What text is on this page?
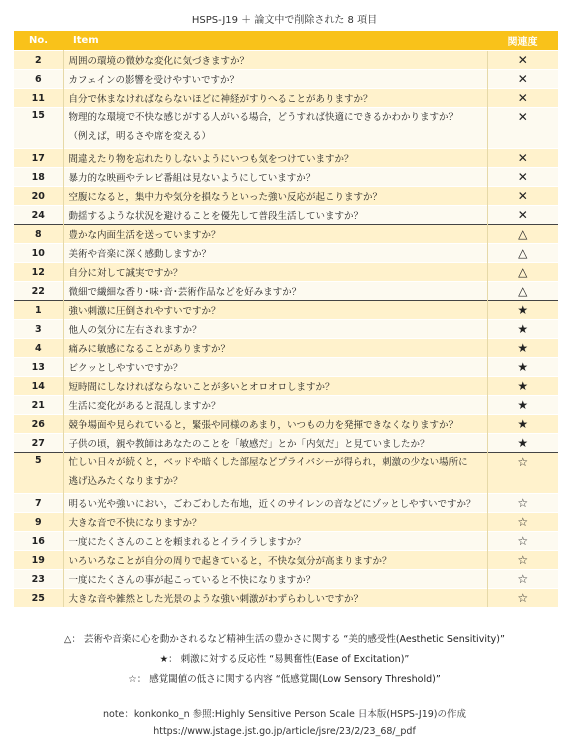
HSPS-J19 ＋ 論文中で削除された 8 項目
No.	Item	関連度
2	周囲の環境の微妙な変化に気づきますか？	✕
6	カフェインの影響を受けやすいですか？	✕
11	自分で休まなければならないほどに神経がすりへることがありますか？	✕
15	物理的な環境で不快な感じがする人がいる場合，どうすれば快適にできるかわかりますか？
（例えば，明るさや席を変える）	✕
17	間違えたり物を忘れたりしないようにいつも気をつけていますか？	✕
18	暴力的な映画やテレビ番組は見ないようにしていますか？	✕
20	空腹になると，集中力や気分を損なうといった強い反応が起こりますか？	✕
24	動揺するような状況を避けることを優先して普段生活していますか？	✕
8	豊かな内面生活を送っていますか？	△
10	美術や音楽に深く感動しますか？	△
12	自分に対して誠実ですか？	△
22	微細で繊細な香り･味･音･芸術作品などを好みますか？	△
1	強い刺激に圧倒されやすいですか？	★
3	他人の気分に左右されますか？	★
4	痛みに敏感になることがありますか？	★
13	ビクッとしやすいですか？	★
14	短時間にしなければならないことが多いとオロオロしますか？	★
21	生活に変化があると混乱しますか？	★
26	競争場面や見られていると，緊張や同様のあまり，いつもの力を発揮できなくなりますか？	★
27	子供の頃，親や教師はあなたのことを「敏感だ」とか「内気だ」と見ていましたか？	★
5	忙しい日々が続くと，ベッドや暗くした部屋などプライバシーが得られ，刺激の少ない場所に
逃げ込みたくなりますか？	☆
7	明るい光や強いにおい，ごわごわした布地，近くのサイレンの音などにゾッとしやすいですか？	☆
9	大きな音で不快になりますか？	☆
16	一度にたくさんのことを頼まれるとイライラしますか？	☆
19	いろいろなことが自分の周りで起きていると，不快な気分が高まりますか？	☆
23	一度にたくさんの事が起こっていると不快になりますか？	☆
25	大きな音や雑然とした光景のような強い刺激がわずらわしいですか？	☆
△： 芸術や音楽に心を動かされるなど精神生活の豊かさに関する “美的感受性(Aesthetic Sensitivity)”
★： 刺激に対する反応性 “易興奮性(Ease of Excitation)”
☆： 感覚閾値の低さに関する内容 “低感覚閾(Low Sensory Threshold)”
note：konkonko_n 参照:Highly Sensitive Person Scale 日本版(HSPS-J19)の作成
https://www.jstage.jst.go.jp/article/jsre/23/2/23_68/_pdf
